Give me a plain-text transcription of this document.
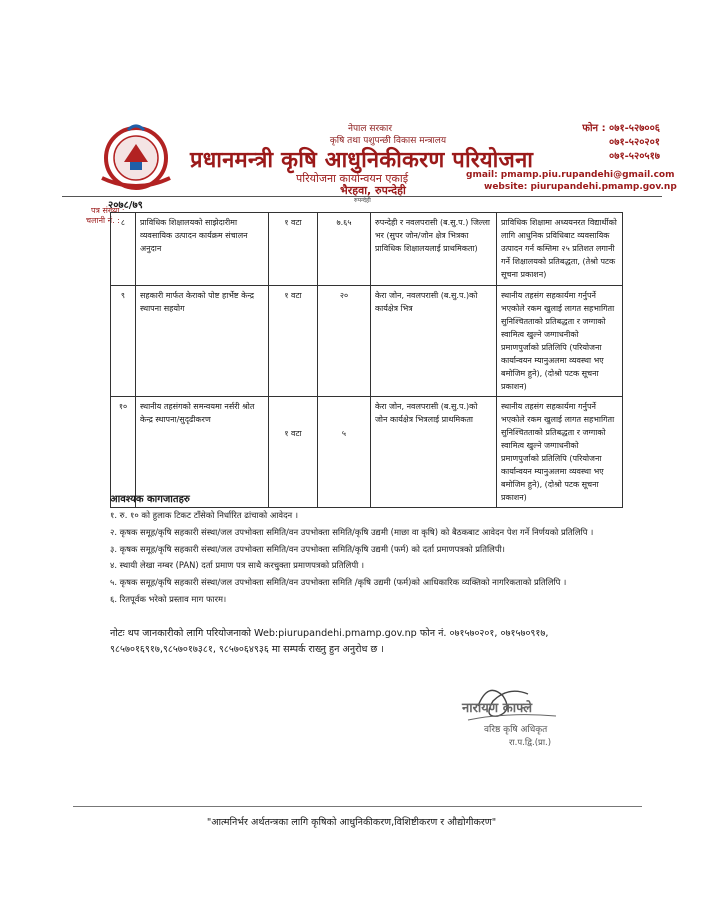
नेपाल सरकार
कृषि तथा पशुपन्छी विकास मन्त्रालय
प्रधानमन्त्री कृषि आधुनिकीकरण परियोजना
परियोजना कार्यान्वयन एकाई
भैरहवा, रुपन्देही
रुपन्देही
फोन : ०७१-५२७००६
०७१-५२०२०१
०७१-५२०५१७
gmail: pmamp.piu.rupandehi@gmail.com
website: piurupandehi.pmamp.gov.np
२०७८/७९
पत्र संख्या :
चलानी नं. : ८	प्राविधिक शिक्षालयको साझेदारीमा व्यवसायिक उत्पादन कार्यक्रम संचालन अनुदान	१ वटा	७.६५	रुपन्देही र नवलपरासी (ब.सु.प.) जिल्ला भर (सुपर जोन/जोन क्षेत्र भित्रका प्राविधिक शिक्षालयलाई प्राथमिकता)	प्राविधिक शिक्षामा अध्ययनरत विद्यार्थीको लागि आधुनिक प्रविधिबाट व्यवसायिक उत्पादन गर्न कम्तिमा २५ प्रतिशत लगानी गर्ने शिक्षालयको प्रतिबद्धता, (तेश्रो पटक सूचना प्रकाशन)
९	सहकारी मार्फत केराको पोष्ट हार्भेष्ट केन्द्र स्थापना सहयोग	१ वटा	२०	केरा जोन, नवलपरासी (ब.सु.प.)को कार्यक्षेत्र भित्र	स्थानीय तहसंग सहकार्यमा गर्नुपर्ने भएकोले रकम खुलाई लागत सहभागिता सुनिश्चितताको प्रतिबद्धता र जग्गाको स्वामित्व खुल्ने जग्गाधनीको प्रमाणपुर्जाको प्रतिलिपि (परियोजना कार्यान्वयन म्यानुअलमा व्यवस्था भए बमोजिम हुने), (दोश्रो पटक सूचना प्रकाशन)
१०	स्थानीय तहसंगको समन्वयमा नर्सरी श्रोत केन्द्र स्थापना/सुदृढीकरण	१ वटा	५	केरा जोन, नवलपरासी (ब.सु.प.)को जोन कार्यक्षेत्र भित्रलाई प्राथमिकता	स्थानीय तहसंग सहकार्यमा गर्नुपर्ने भएकोले रकम खुलाई लागत सहभागिता सुनिश्चितताको प्रतिबद्धता र जग्गाको स्वामित्व खुल्ने जग्गाधनीको प्रमाणपुर्जाको प्रतिलिपि (परियोजना कार्यान्वयन म्यानुअलमा व्यवस्था भए बमोजिम हुने), (दोश्रो पटक सूचना प्रकाशन)
आवश्यक कागजातहरु
१. रु. १० को हुलाक टिकट टाँसेको निर्धारित ढांचाको आवेदन ।
२. कृषक समूह/कृषि सहकारी संस्था/जल उपभोक्ता समिति/वन उपभोक्ता समिति/कृषि उद्यमी (माछा वा कृषि) को बैठकबाट आवेदन पेश गर्ने निर्णयको प्रतिलिपि ।
३. कृषक समूह/कृषि सहकारी संस्था/जल उपभोक्ता समिति/वन उपभोक्ता समिति/कृषि उद्यमी (फर्म) को दर्ता प्रमाणपत्रको प्रतिलिपी।
४. स्थायी लेखा नम्बर (PAN) दर्ता प्रमाण पत्र साथै करचुक्ता प्रमाणपत्रको प्रतिलिपी ।
५. कृषक समूह/कृषि सहकारी संस्था/जल उपभोक्ता समिति/वन उपभोक्ता समिति /कृषि उद्यमी (फर्म)को आधिकारिक व्यक्तिको नागरिकताको प्रतिलिपि ।
६. रितपूर्वक भरेको प्रस्ताव माग फारम।
नोटः थप जानकारीको लागि परियोजनाको Web:piurupandehi.pmamp.gov.np फोन नं. ०७१५७०२०१, ०७१५७०९१७, ९८५७०१६९१७,९८५७०१७३८१, ९८५७०६४९३६ मा सम्पर्क राख्नु हुन अनुरोध छ ।
नारायण काफ्ले
वरिष्ठ कृषि अधिकृत
रा.प.द्वि.(प्रा.)
"आत्मनिर्भर अर्थतन्त्रका लागि कृषिको आधुनिकीकरण,विशिष्टीकरण र औद्योगीकरण"
